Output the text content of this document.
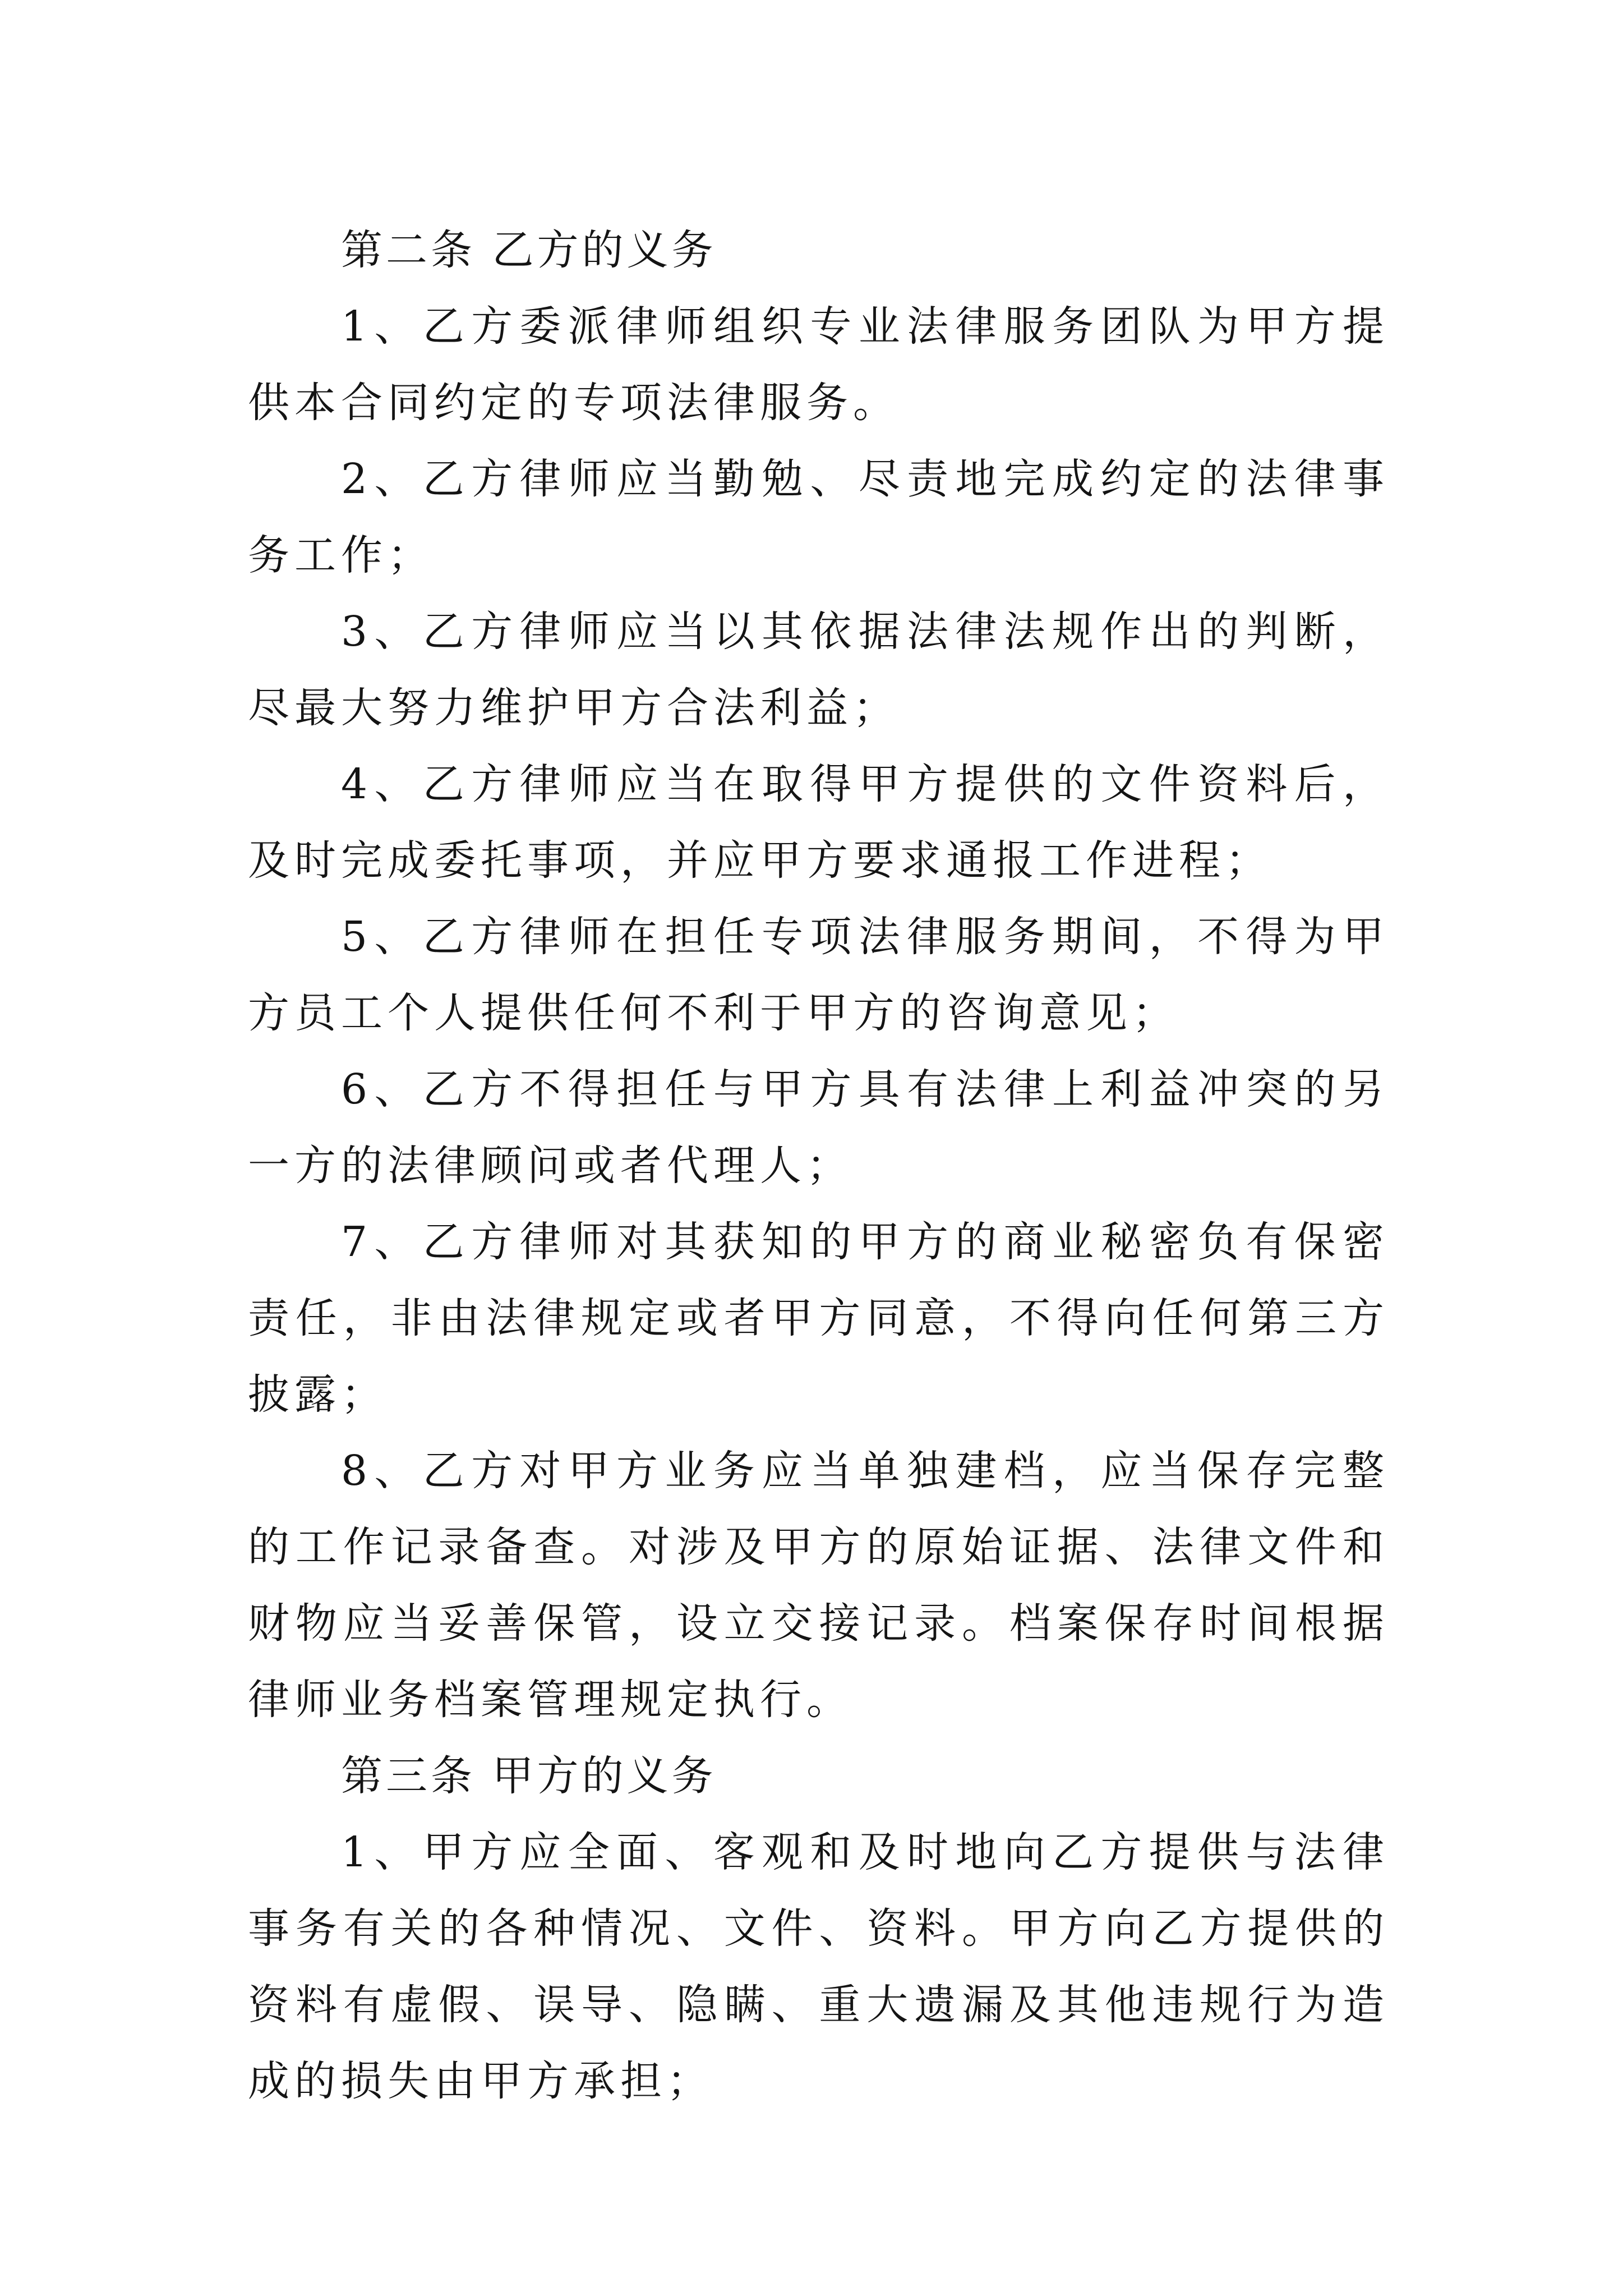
第二条 乙方的义务

1、乙方委派律师组织专业法律服务团队为甲方提供本合同约定的专项法律服务。

2、乙方律师应当勤勉、尽责地完成约定的法律事务工作；

3、乙方律师应当以其依据法律法规作出的判断，尽最大努力维护甲方合法利益；

4、乙方律师应当在取得甲方提供的文件资料后，及时完成委托事项，并应甲方要求通报工作进程；

5、乙方律师在担任专项法律服务期间，不得为甲方员工个人提供任何不利于甲方的咨询意见；

6、乙方不得担任与甲方具有法律上利益冲突的另一方的法律顾问或者代理人；

7、乙方律师对其获知的甲方的商业秘密负有保密责任，非由法律规定或者甲方同意，不得向任何第三方披露；

8、乙方对甲方业务应当单独建档，应当保存完整的工作记录备查。对涉及甲方的原始证据、法律文件和财物应当妥善保管，设立交接记录。档案保存时间根据律师业务档案管理规定执行。

第三条 甲方的义务

1、甲方应全面、客观和及时地向乙方提供与法律事务有关的各种情况、文件、资料。甲方向乙方提供的资料有虚假、误导、隐瞒、重大遗漏及其他违规行为造成的损失由甲方承担；
